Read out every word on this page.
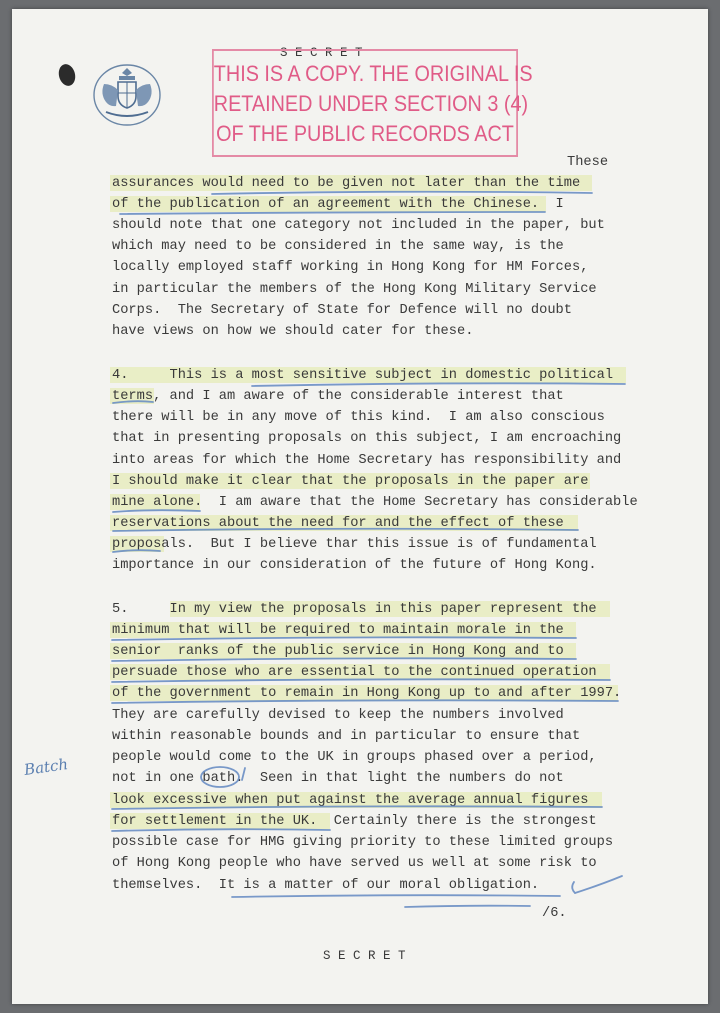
S E C R E T
THIS IS A COPY. THE ORIGINAL IS
RETAINED UNDER SECTION 3 (4)
OF THE PUBLIC RECORDS ACT
These
assurances would need to be given not later than the time
of the publication of an agreement with the Chinese.  I
should note that one category not included in the paper, but
which may need to be considered in the same way, is the
locally employed staff working in Hong Kong for HM Forces,
in particular the members of the Hong Kong Military Service
Corps.  The Secretary of State for Defence will no doubt
have views on how we should cater for these.
4.     This is a most sensitive subject in domestic political
terms, and I am aware of the considerable interest that
there will be in any move of this kind.  I am also conscious
that in presenting proposals on this subject, I am encroaching
into areas for which the Home Secretary has responsibility and
I should make it clear that the proposals in the paper are
mine alone.  I am aware that the Home Secretary has considerable
reservations about the need for and the effect of these
proposals.  But I believe thar this issue is of fundamental
importance in our consideration of the future of Hong Kong.
5.     In my view the proposals in this paper represent the
minimum that will be required to maintain morale in the
senior  ranks of the public service in Hong Kong and to
persuade those who are essential to the continued operation
of the government to remain in Hong Kong up to and after 1997.
They are carefully devised to keep the numbers involved
within reasonable bounds and in particular to ensure that
people would come to the UK in groups phased over a period,
not in one bath.  Seen in that light the numbers do not
look excessive when put against the average annual figures
for settlement in the UK.  Certainly there is the strongest
possible case for HMG giving priority to these limited groups
of Hong Kong people who have served us well at some risk to
themselves.  It is a matter of our moral obligation.
/6.
Batch
S E C R E T
